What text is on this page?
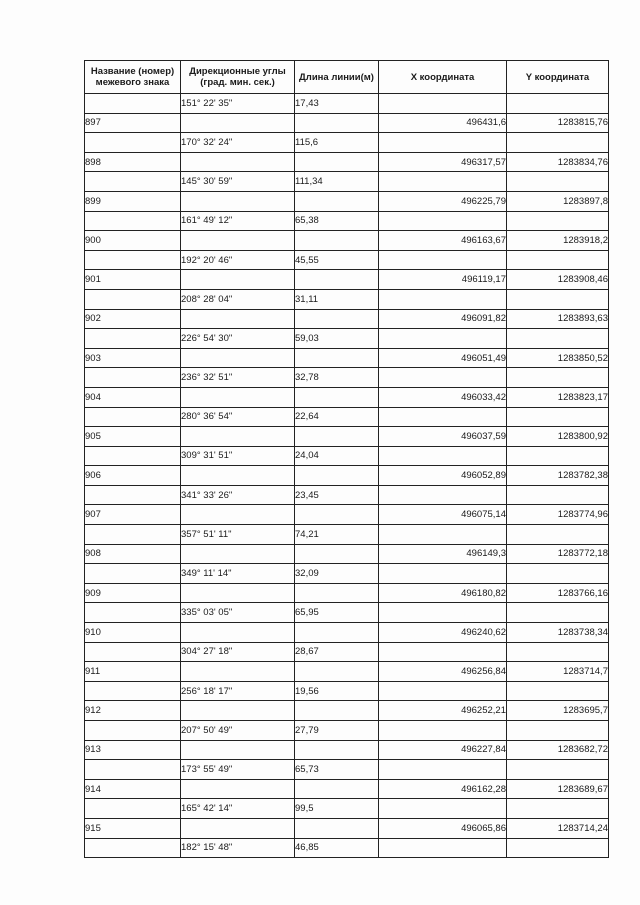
Название (номер) межевого знака	Дирекционные углы (град. мин. сек.)	Длина линии(м)	X координата	Y координата
	151° 22' 35"	17,43		
897			496431,6	1283815,76
	170° 32' 24"	115,6		
898			496317,57	1283834,76
	145° 30' 59"	111,34		
899			496225,79	1283897,8
	161° 49' 12"	65,38		
900			496163,67	1283918,2
	192° 20' 46"	45,55		
901			496119,17	1283908,46
	208° 28' 04"	31,11		
902			496091,82	1283893,63
	226° 54' 30"	59,03		
903			496051,49	1283850,52
	236° 32' 51"	32,78		
904			496033,42	1283823,17
	280° 36' 54"	22,64		
905			496037,59	1283800,92
	309° 31' 51"	24,04		
906			496052,89	1283782,38
	341° 33' 26"	23,45		
907			496075,14	1283774,96
	357° 51' 11"	74,21		
908			496149,3	1283772,18
	349° 11' 14"	32,09		
909			496180,82	1283766,16
	335° 03' 05"	65,95		
910			496240,62	1283738,34
	304° 27' 18"	28,67		
911			496256,84	1283714,7
	256° 18' 17"	19,56		
912			496252,21	1283695,7
	207° 50' 49"	27,79		
913			496227,84	1283682,72
	173° 55' 49"	65,73		
914			496162,28	1283689,67
	165° 42' 14"	99,5		
915			496065,86	1283714,24
	182° 15' 48"	46,85		
